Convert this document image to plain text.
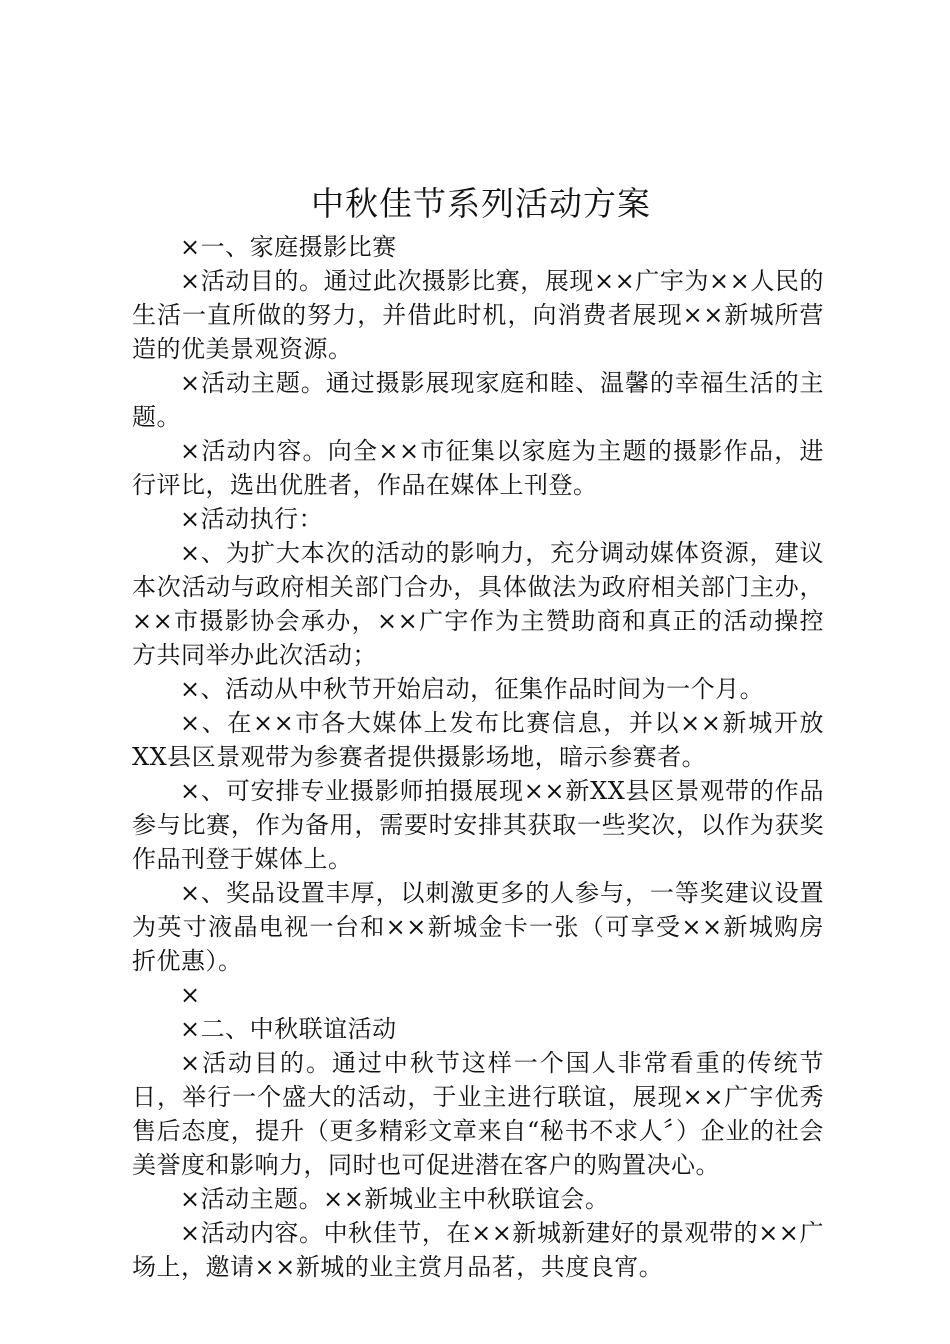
中秋佳节系列活动方案

×一、家庭摄影比赛

×活动目的。通过此次摄影比赛，展现××广宇为××人民的生活一直所做的努力，并借此时机，向消费者展现××新城所营造的优美景观资源。

×活动主题。通过摄影展现家庭和睦、温馨的幸福生活的主题。

×活动内容。向全××市征集以家庭为主题的摄影作品，进行评比，选出优胜者，作品在媒体上刊登。

×活动执行：

×、为扩大本次的活动的影响力，充分调动媒体资源，建议本次活动与政府相关部门合办，具体做法为政府相关部门主办，××市摄影协会承办，××广宇作为主赞助商和真正的活动操控方共同举办此次活动；

×、活动从中秋节开始启动，征集作品时间为一个月。

×、在××市各大媒体上发布比赛信息，并以××新城开放XX县区景观带为参赛者提供摄影场地，暗示参赛者。

×、可安排专业摄影师拍摄展现××新XX县区景观带的作品参与比赛，作为备用，需要时安排其获取一些奖次，以作为获奖作品刊登于媒体上。

×、奖品设置丰厚，以刺激更多的人参与，一等奖建议设置为英寸液晶电视一台和××新城金卡一张（可享受××新城购房折优惠）。

×

×二、中秋联谊活动

×活动目的。通过中秋节这样一个国人非常看重的传统节日，举行一个盛大的活动，于业主进行联谊，展现××广宇优秀售后态度，提升（更多精彩文章来自“秘书不求人〞）企业的社会美誉度和影响力，同时也可促进潜在客户的购置决心。

×活动主题。××新城业主中秋联谊会。

×活动内容。中秋佳节，在××新城新建好的景观带的××广场上，邀请××新城的业主赏月品茗，共度良宵。
